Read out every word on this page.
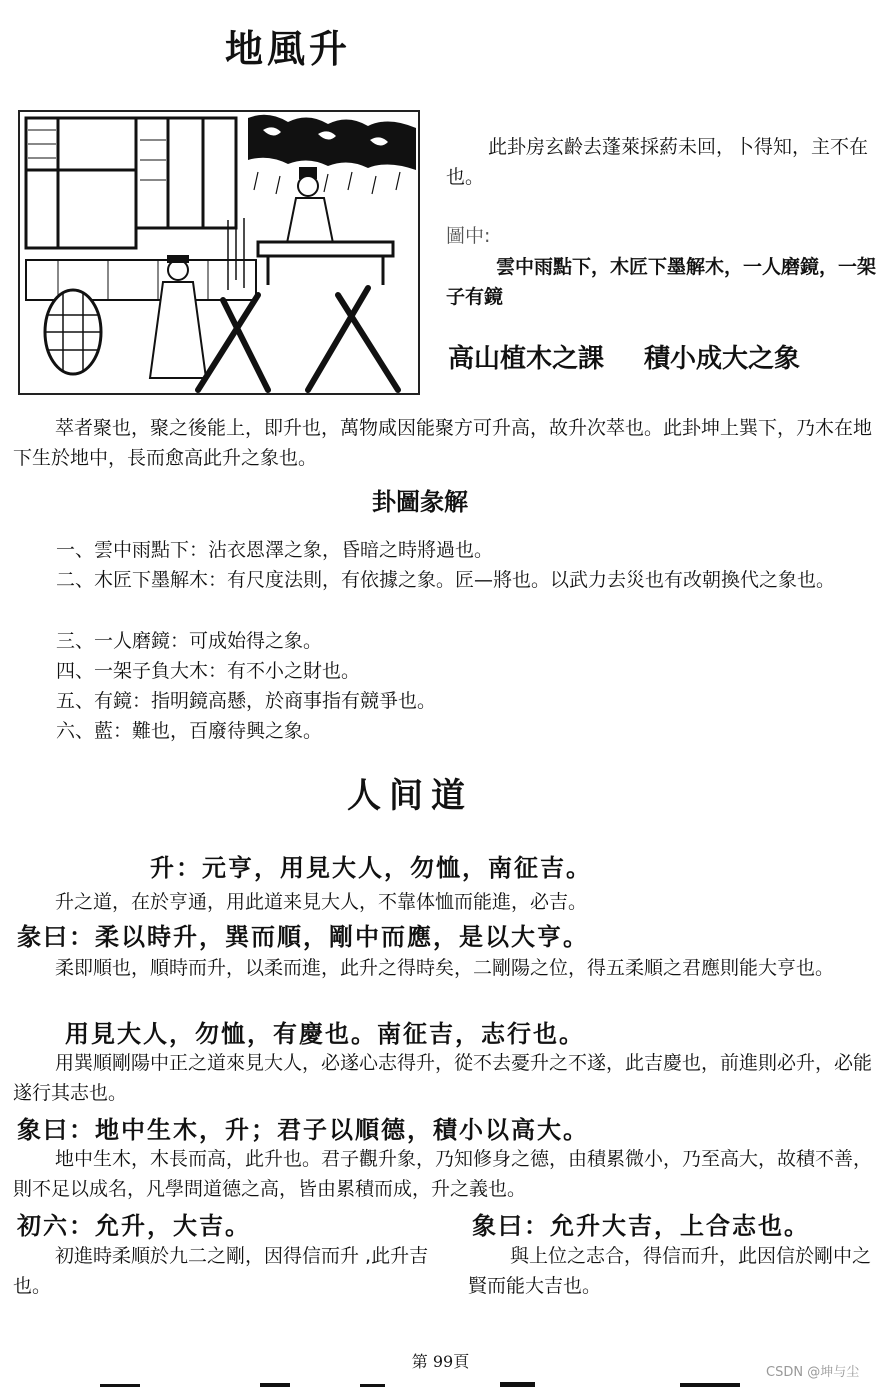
地風升
此卦房玄齡去蓬萊採葯未回，卜得知，主不在也。
圖中:
雲中雨點下，木匠下墨解木，一人磨鏡，一架子有鏡
高山植木之課 積小成大之象
萃者聚也，聚之後能上，即升也，萬物咸因能聚方可升高，故升次萃也。此卦坤上巽下，乃木在地下生於地中，長而愈高此升之象也。
卦圖彖解
一、雲中雨點下：沾衣恩澤之象，昏暗之時將過也。
二、木匠下墨解木：有尺度法則，有依據之象。匠—將也。以武力去災也有改朝換代之象也。
三、一人磨鏡：可成始得之象。
四、一架子負大木：有不小之財也。
五、有鏡：指明鏡高懸，於商事指有競爭也。
六、藍：難也，百廢待興之象。
人间道
升：元亨，用見大人，勿恤，南征吉。
升之道，在於亨通，用此道来見大人，不靠体恤而能進，必吉。
彖曰：柔以時升，巽而順，剛中而應，是以大亨。
柔即順也，順時而升，以柔而進，此升之得時矣，二剛陽之位，得五柔順之君應則能大亨也。
用見大人，勿恤，有慶也。南征吉，志行也。
用巽順剛陽中正之道來見大人，必遂心志得升，從不去憂升之不遂，此吉慶也，前進則必升，必能遂行其志也。
象曰：地中生木，升；君子以順德，積小以高大。
地中生木，木長而高，此升也。君子觀升象，乃知修身之德，由積累微小，乃至高大，故積不善，則不足以成名，凡學問道德之高，皆由累積而成，升之義也。
初六：允升，大吉。
初進時柔順於九二之剛，因得信而升 ,此升吉也。
象曰：允升大吉，上合志也。
與上位之志合，得信而升，此因信於剛中之賢而能大吉也。
第 99頁
CSDN @坤与尘
